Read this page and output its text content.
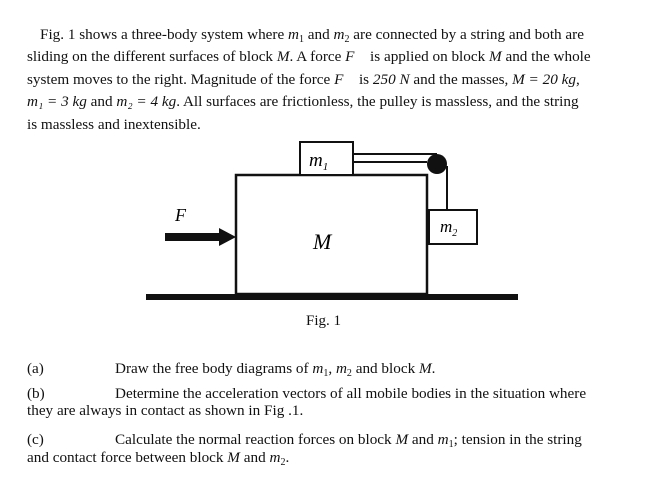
Fig. 1 shows a three-body system where $m_1$ and $m_2$ are connected by a string and both are
sliding on the different surfaces of block M. A force F⃗ is applied on block M and the whole
system moves to the right. Magnitude of the force F⃗ is 250 N and the masses, M = 20 kg,
m₁ = 3 kg and m₂ = 4 kg. All surfaces are frictionless, the pulley is massless, and the string
is massless and inextensible.
$m_1$
M
$m_2$
F⃗
Fig. 1
(a)	Draw the free body diagrams of $m_1$, $m_2$ and block M.
(b)	Determine the acceleration vectors of all mobile bodies in the situation where
they are always in contact as shown in Fig .1.
(c)	Calculate the normal reaction forces on block M and $m_1$; tension in the string
and contact force between block M and $m_2$.
